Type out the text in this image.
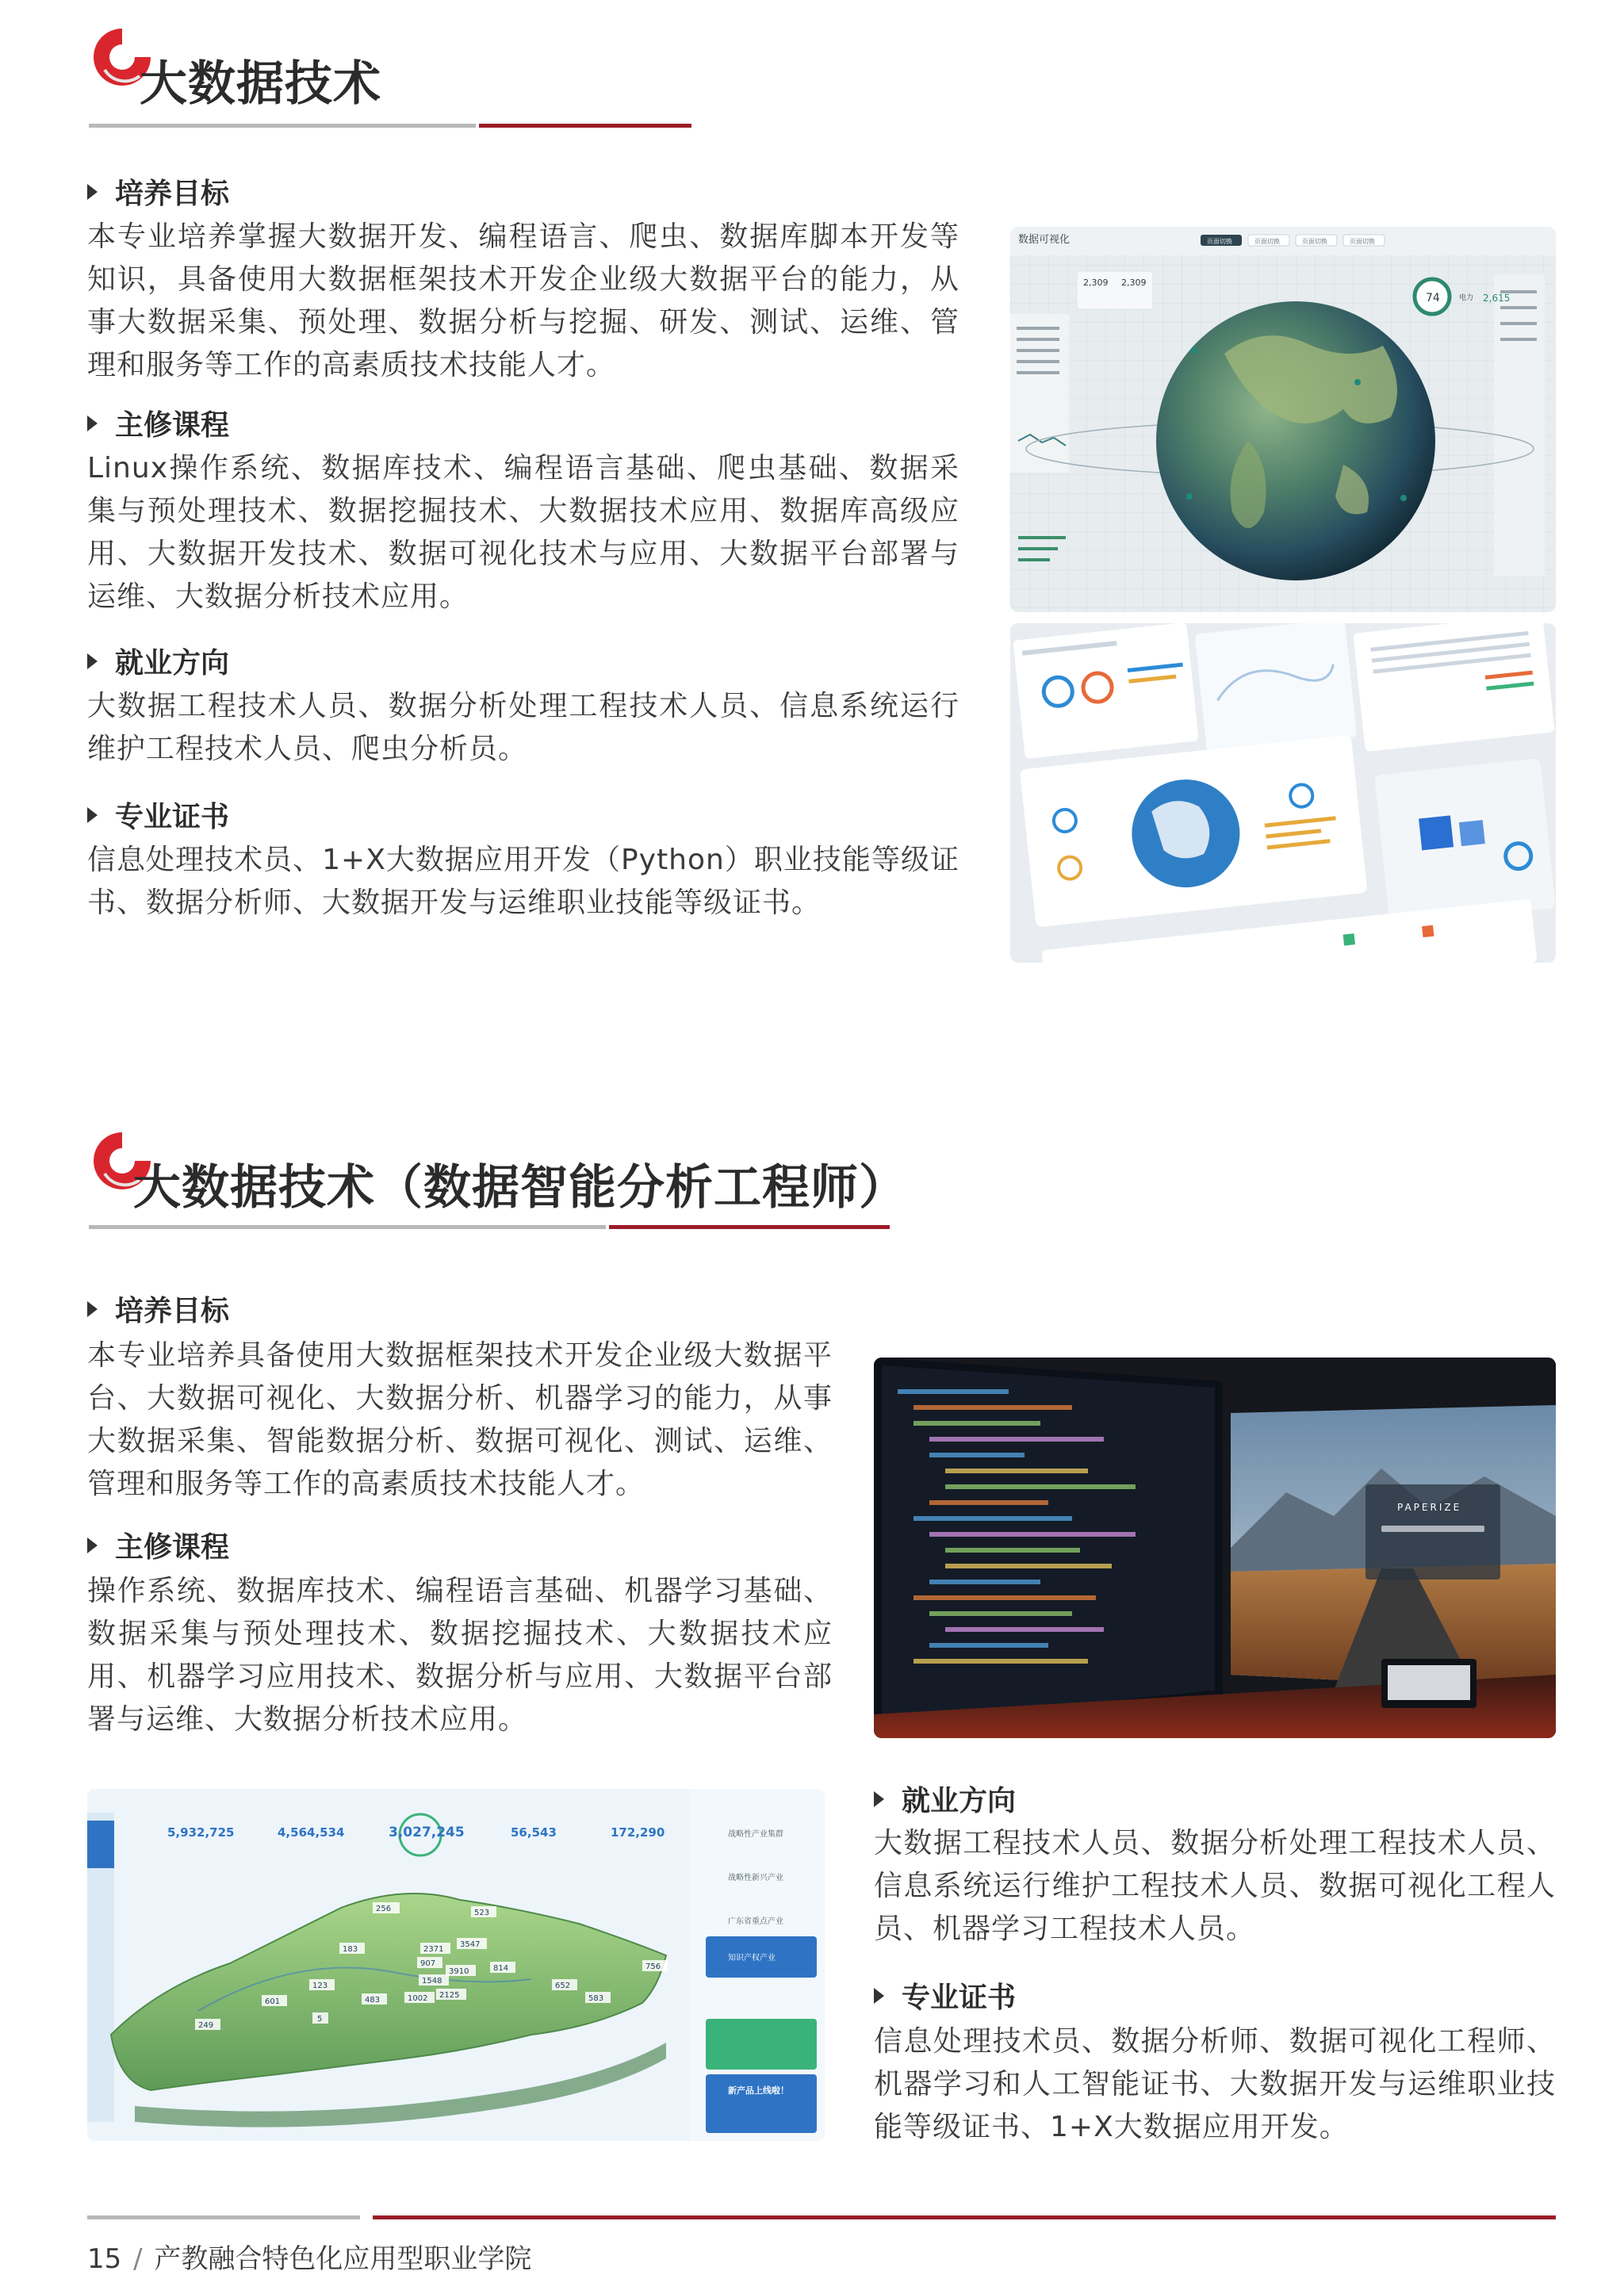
大数据技术
培养目标
本专业培养掌握大数据开发、编程语言、爬虫、数据库脚本开发等知识，具备使用大数据框架技术开发企业级大数据平台的能力，从事大数据采集、预处理、数据分析与挖掘、研发、测试、运维、管理和服务等工作的高素质技术技能人才。
主修课程
Linux操作系统、数据库技术、编程语言基础、爬虫基础、数据采集与预处理技术、数据挖掘技术、大数据技术应用、数据库高级应用、大数据开发技术、数据可视化技术与应用、大数据平台部署与运维、大数据分析技术应用。
就业方向
大数据工程技术人员、数据分析处理工程技术人员、信息系统运行维护工程技术人员、爬虫分析员。
专业证书
信息处理技术员、1+X大数据应用开发（Python）职业技能等级证书、数据分析师、大数据开发与运维职业技能等级证书。
数据可视化	页面切换	页面切换	页面切换	页面切换
2,309 2,309
74	电力 2,615
大数据技术（数据智能分析工程师）
培养目标
本专业培养具备使用大数据框架技术开发企业级大数据平台、大数据可视化、大数据分析、机器学习的能力，从事大数据采集、智能数据分析、数据可视化、测试、运维、管理和服务等工作的高素质技术技能人才。
主修课程
操作系统、数据库技术、编程语言基础、机器学习基础、数据采集与预处理技术、数据挖掘技术、大数据技术应用、机器学习应用技术、数据分析与应用、大数据平台部署与运维、大数据分析技术应用。
PAPERIZE
5,932,725	4,564,534	3,027,245	56,543	172,290	战略性产业集群
战略性新兴产业
广东省重点产业
知识产权产业
新产品上线啦！
256	523
2371
3547
183
907
1548
3910	814	756
123
601	483	1002 2125
652
583
249
5
就业方向
大数据工程技术人员、数据分析处理工程技术人员、信息系统运行维护工程技术人员、数据可视化工程人员、机器学习工程技术人员。
专业证书
信息处理技术员、数据分析师、数据可视化工程师、机器学习和人工智能证书、大数据开发与运维职业技能等级证书、1+X大数据应用开发。
15 / 产教融合特色化应用型职业学院
